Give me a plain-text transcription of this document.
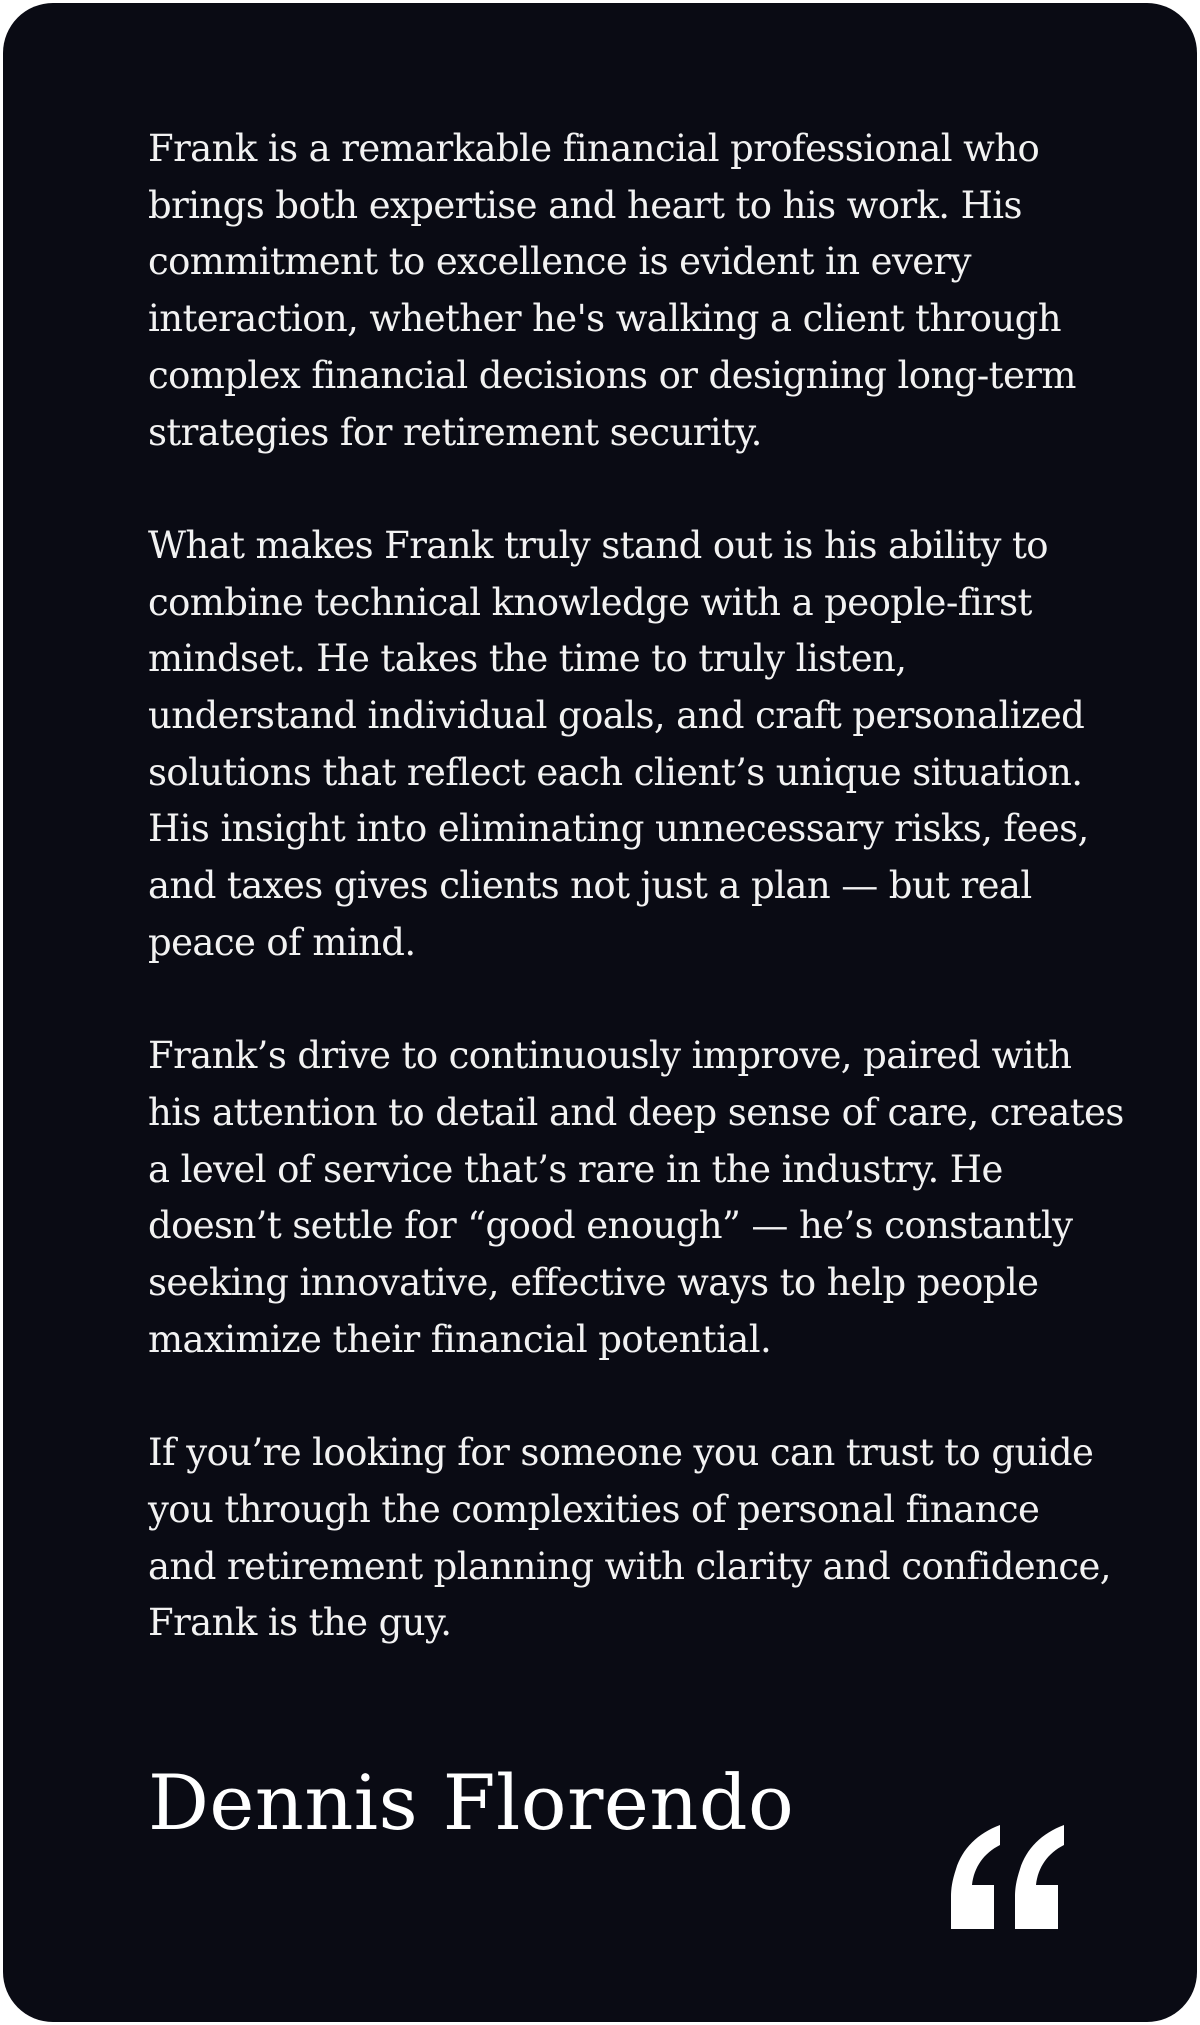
Frank is a remarkable financial professional who
brings both expertise and heart to his work. His
commitment to excellence is evident in every
interaction, whether he's walking a client through
complex financial decisions or designing long-term
strategies for retirement security.

What makes Frank truly stand out is his ability to
combine technical knowledge with a people-first
mindset. He takes the time to truly listen,
understand individual goals, and craft personalized
solutions that reflect each client’s unique situation.
His insight into eliminating unnecessary risks, fees,
and taxes gives clients not just a plan — but real
peace of mind.

Frank’s drive to continuously improve, paired with
his attention to detail and deep sense of care, creates
a level of service that’s rare in the industry. He
doesn’t settle for “good enough” — he’s constantly
seeking innovative, effective ways to help people
maximize their financial potential.

If you’re looking for someone you can trust to guide
you through the complexities of personal finance
and retirement planning with clarity and confidence,
Frank is the guy.

Dennis Florendo
